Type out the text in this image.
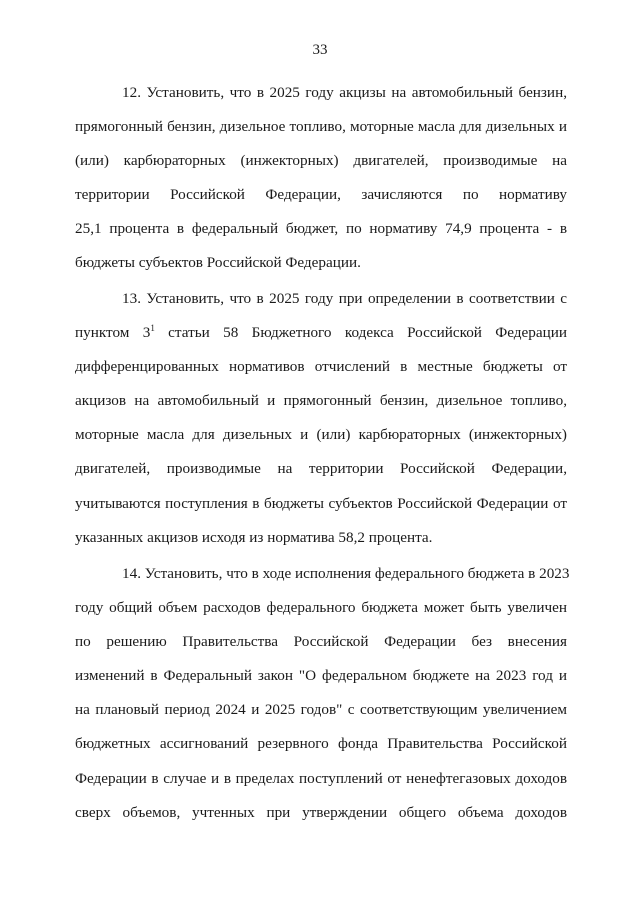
33
12. Установить, что в 2025 году акцизы на автомобильный бензин,
прямогонный бензин, дизельное топливо, моторные масла для дизельных и
(или) карбюраторных (инжекторных) двигателей, производимые на
территории Российской Федерации, зачисляются по нормативу
25,1 процента в федеральный бюджет, по нормативу 74,9 процента - в
бюджеты субъектов Российской Федерации.
13. Установить, что в 2025 году при определении в соответствии с
пунктом $3^1$ статьи 58 Бюджетного кодекса Российской Федерации
дифференцированных нормативов отчислений в местные бюджеты от
акцизов на автомобильный и прямогонный бензин, дизельное топливо,
моторные масла для дизельных и (или) карбюраторных (инжекторных)
двигателей, производимые на территории Российской Федерации,
учитываются поступления в бюджеты субъектов Российской Федерации от
указанных акцизов исходя из норматива 58,2 процента.
14. Установить, что в ходе исполнения федерального бюджета в 2023
году общий объем расходов федерального бюджета может быть увеличен
по решению Правительства Российской Федерации без внесения
изменений в Федеральный закон "О федеральном бюджете на 2023 год и
на плановый период 2024 и 2025 годов" с соответствующим увеличением
бюджетных ассигнований резервного фонда Правительства Российской
Федерации в случае и в пределах поступлений от ненефтегазовых доходов
сверх объемов, учтенных при утверждении общего объема доходов
